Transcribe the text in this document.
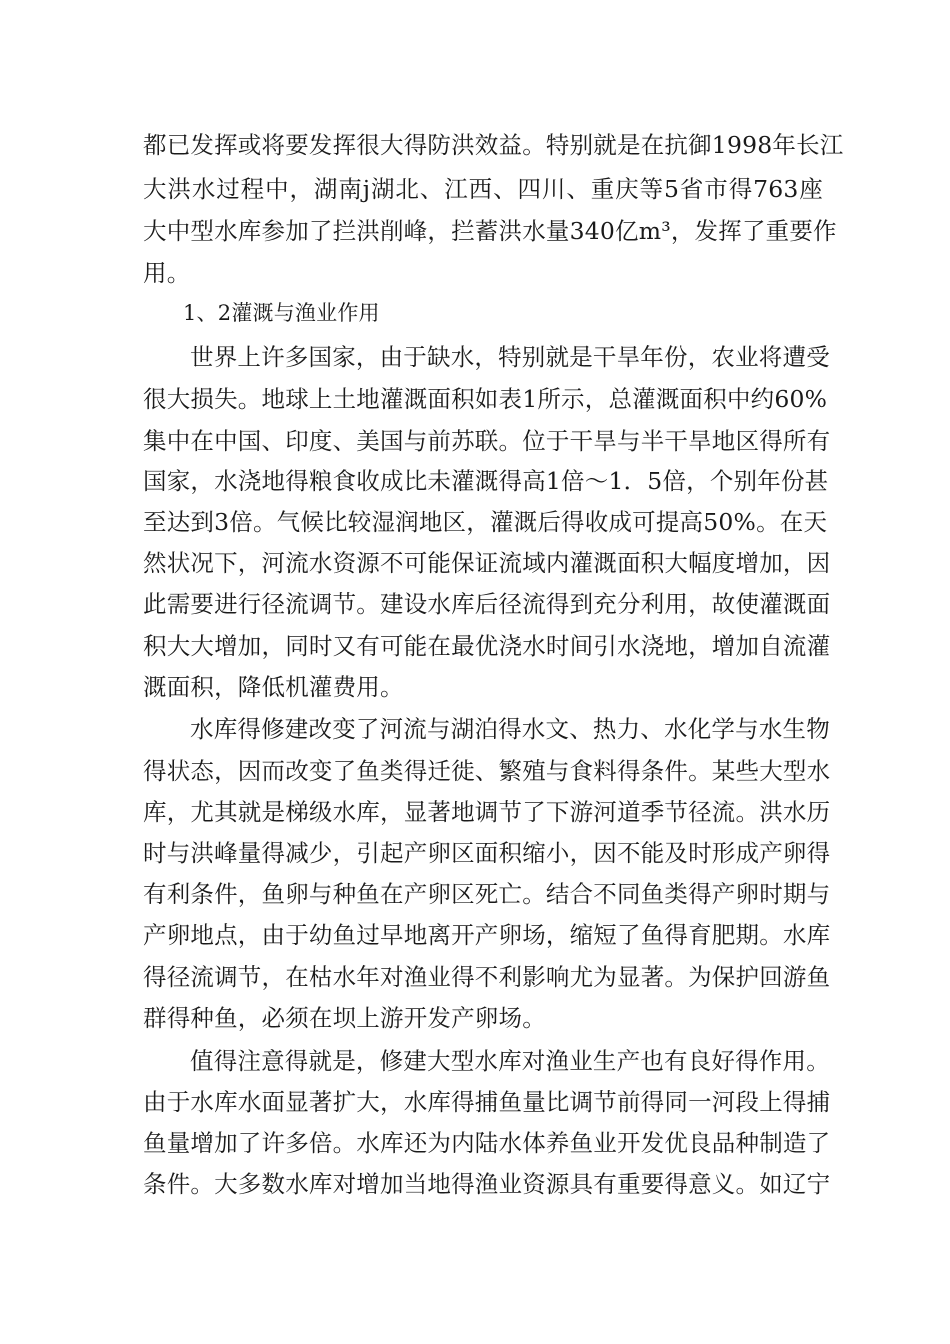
都已发挥或将要发挥很大得防洪效益。特别就是在抗御1998年长江
大洪水过程中，湖南j湖北、江西、四川、重庆等5省市得763座
大中型水库参加了拦洪削峰，拦蓄洪水量340亿m³，发挥了重要作
用。
1、2灌溉与渔业作用
世界上许多国家，由于缺水，特别就是干旱年份，农业将遭受
很大损失。地球上土地灌溉面积如表1所示，总灌溉面积中约60%
集中在中国、印度、美国与前苏联。位于干旱与半干旱地区得所有
国家，水浇地得粮食收成比未灌溉得高1倍～1．5倍，个别年份甚
至达到3倍。气候比较湿润地区，灌溉后得收成可提高50%。在天
然状况下，河流水资源不可能保证流域内灌溉面积大幅度增加，因
此需要进行径流调节。建设水库后径流得到充分利用，故使灌溉面
积大大增加，同时又有可能在最优浇水时间引水浇地，增加自流灌
溉面积，降低机灌费用。
水库得修建改变了河流与湖泊得水文、热力、水化学与水生物
得状态，因而改变了鱼类得迁徙、繁殖与食料得条件。某些大型水
库，尤其就是梯级水库，显著地调节了下游河道季节径流。洪水历
时与洪峰量得减少，引起产卵区面积缩小，因不能及时形成产卵得
有利条件，鱼卵与种鱼在产卵区死亡。结合不同鱼类得产卵时期与
产卵地点，由于幼鱼过早地离开产卵场，缩短了鱼得育肥期。水库
得径流调节，在枯水年对渔业得不利影响尤为显著。为保护回游鱼
群得种鱼，必须在坝上游开发产卵场。
值得注意得就是，修建大型水库对渔业生产也有良好得作用。
由于水库水面显著扩大，水库得捕鱼量比调节前得同一河段上得捕
鱼量增加了许多倍。水库还为内陆水体养鱼业开发优良品种制造了
条件。大多数水库对增加当地得渔业资源具有重要得意义。如辽宁
